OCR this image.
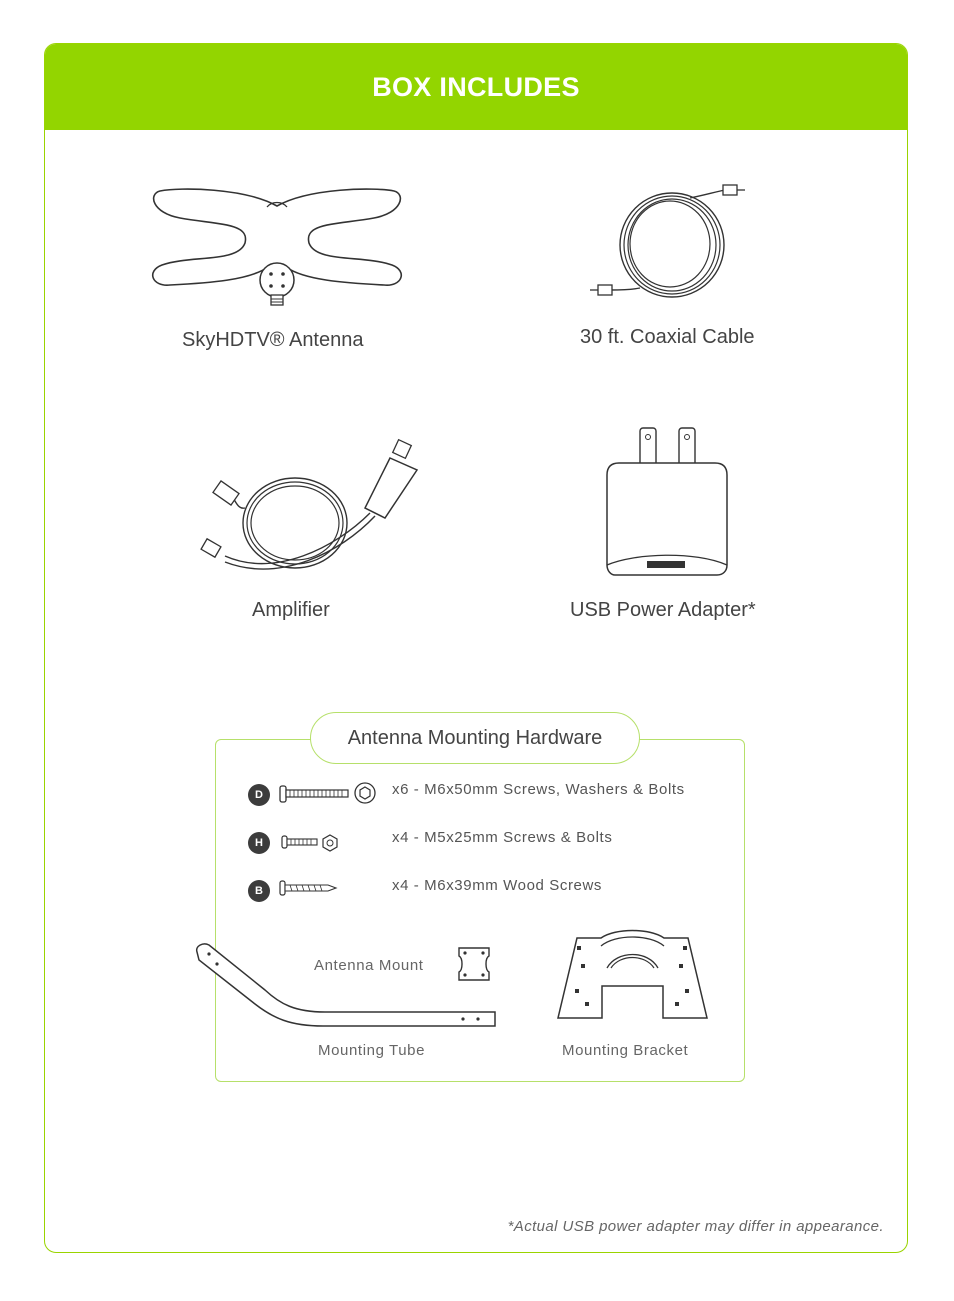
BOX INCLUDES
SkyHDTV® Antenna	30 ft. Coaxial Cable
Amplifier	USB Power Adapter*
Antenna Mounting Hardware
D	x6 - M6x50mm Screws, Washers & Bolts
H	x4 - M5x25mm Screws & Bolts
B	x4 - M6x39mm Wood Screws
Antenna Mount
Mounting Tube	Mounting Bracket
*Actual USB power adapter may differ in appearance.
